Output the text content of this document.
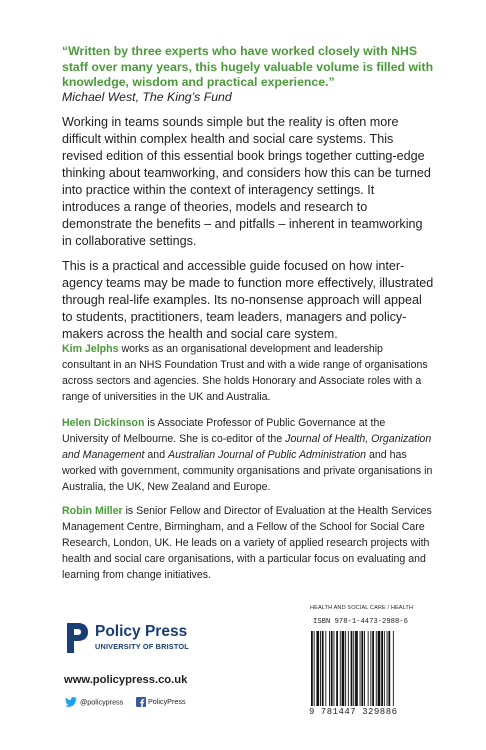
“Written by three experts who have worked closely with NHS staff over many years, this hugely valuable volume is filled with knowledge, wisdom and practical experience.”
Michael West, The King’s Fund
Working in teams sounds simple but the reality is often more difficult within complex health and social care systems. This revised edition of this essential book brings together cutting-edge thinking about teamworking, and considers how this can be turned into practice within the context of interagency settings. It introduces a range of theories, models and research to demonstrate the benefits – and pitfalls – inherent in teamworking in collaborative settings.
This is a practical and accessible guide focused on how inter-agency teams may be made to function more effectively, illustrated through real-life examples. Its no-nonsense approach will appeal to students, practitioners, team leaders, managers and policy-makers across the health and social care system.
Kim Jelphs works as an organisational development and leadership consultant in an NHS Foundation Trust and with a wide range of organisations across sectors and agencies. She holds Honorary and Associate roles with a range of universities in the UK and Australia.
Helen Dickinson is Associate Professor of Public Governance at the University of Melbourne. She is co-editor of the Journal of Health, Organization and Management and Australian Journal of Public Administration and has worked with government, community organisations and private organisations in Australia, the UK, New Zealand and Europe.
Robin Miller is Senior Fellow and Director of Evaluation at the Health Services Management Centre, Birmingham, and a Fellow of the School for Social Care Research, London, UK. He leads on a variety of applied research projects with health and social care organisations, with a particular focus on evaluating and learning from change initiatives.
Policy Press
UNIVERSITY OF BRISTOL
www.policypress.co.uk
@policypress	PolicyPress
HEALTH AND SOCIAL CARE / HEALTH
ISBN 978-1-4473-2988-6
9 781447 329886
